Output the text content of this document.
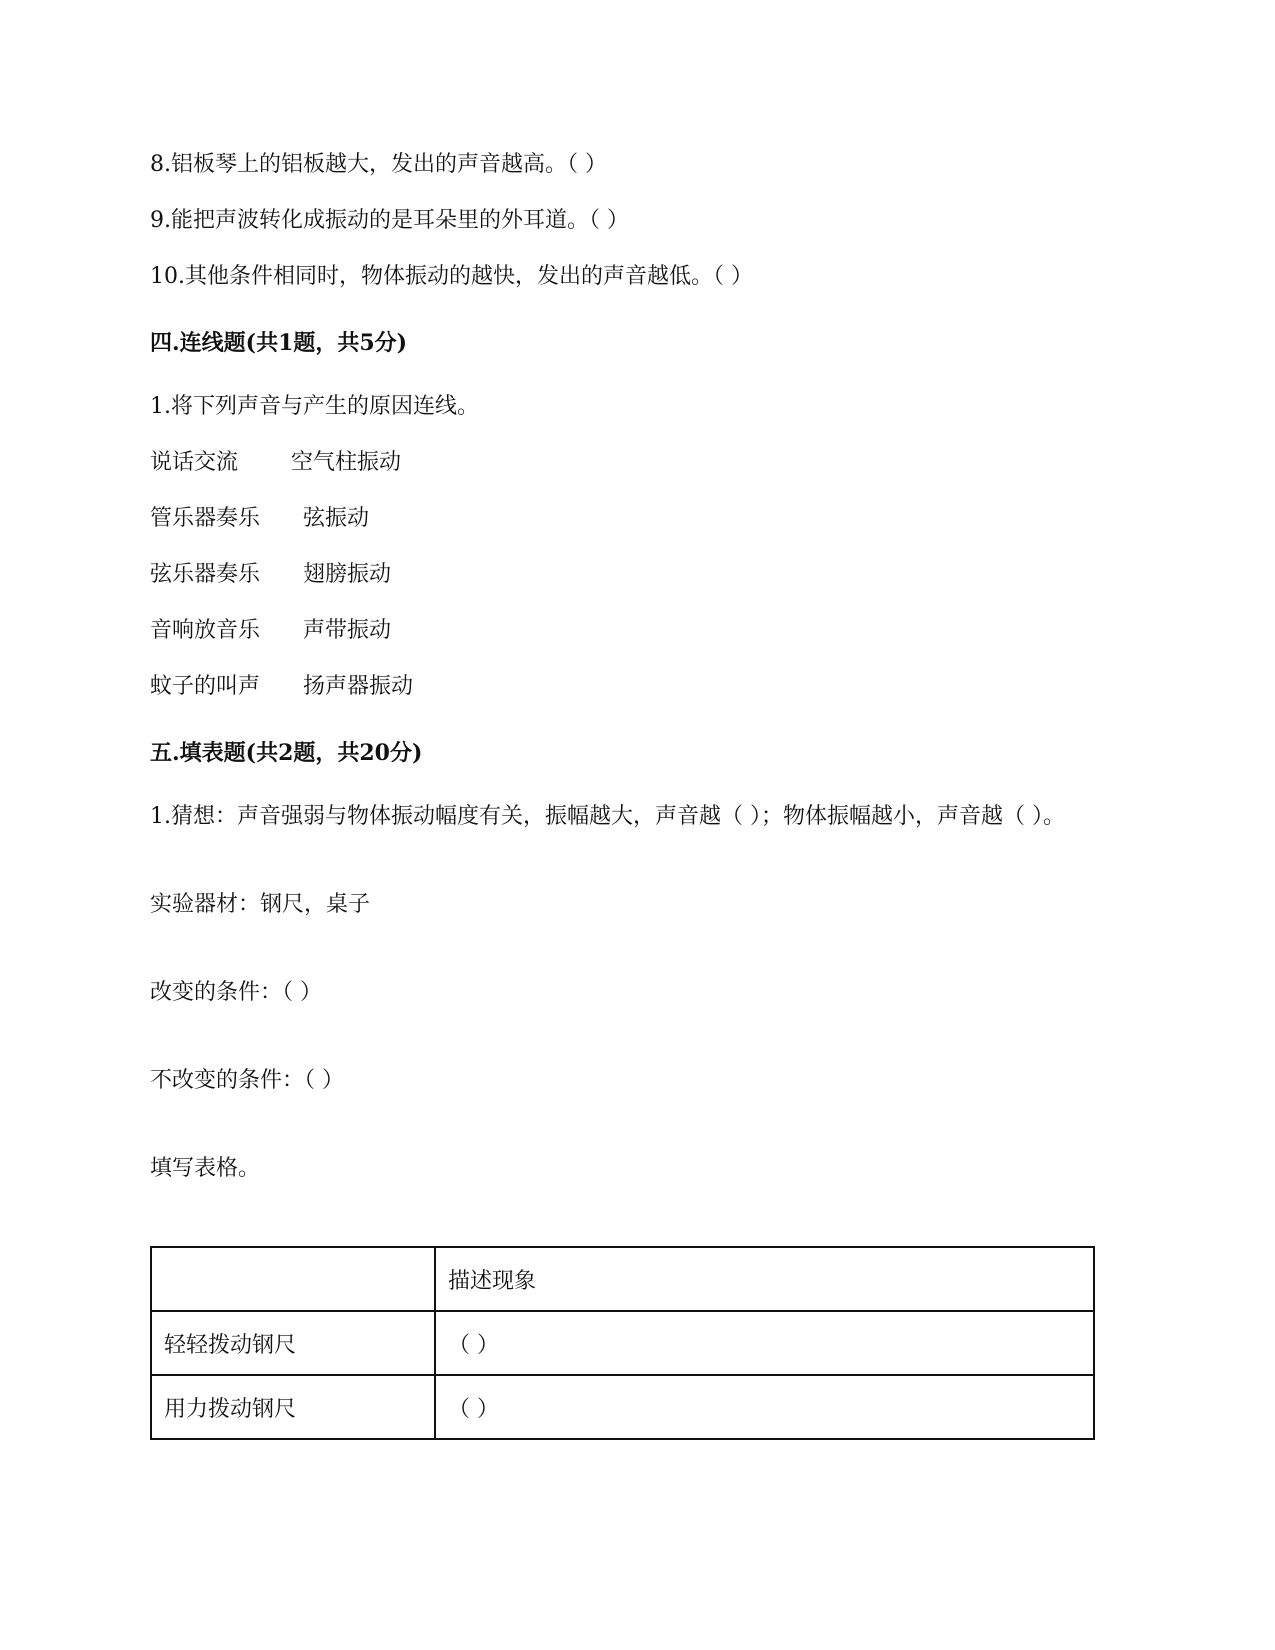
8.铝板琴上的铝板越大，发出的声音越高。（ ）
9.能把声波转化成振动的是耳朵里的外耳道。（ ）
10.其他条件相同时，物体振动的越快，发出的声音越低。（ ）
四.连线题(共1题，共5分)
1.将下列声音与产生的原因连线。
说话交流 空气柱振动
管乐器奏乐 弦振动
弦乐器奏乐 翅膀振动
音响放音乐 声带振动
蚊子的叫声 扬声器振动
五.填表题(共2题，共20分)
1.猜想：声音强弱与物体振动幅度有关，振幅越大，声音越（ ）；物体振幅越小，声音越（ ）。
实验器材：钢尺，桌子
改变的条件：（ ）
不改变的条件：（ ）
填写表格。
	描述现象
轻轻拨动钢尺	（ ）
用力拨动钢尺	（ ）
